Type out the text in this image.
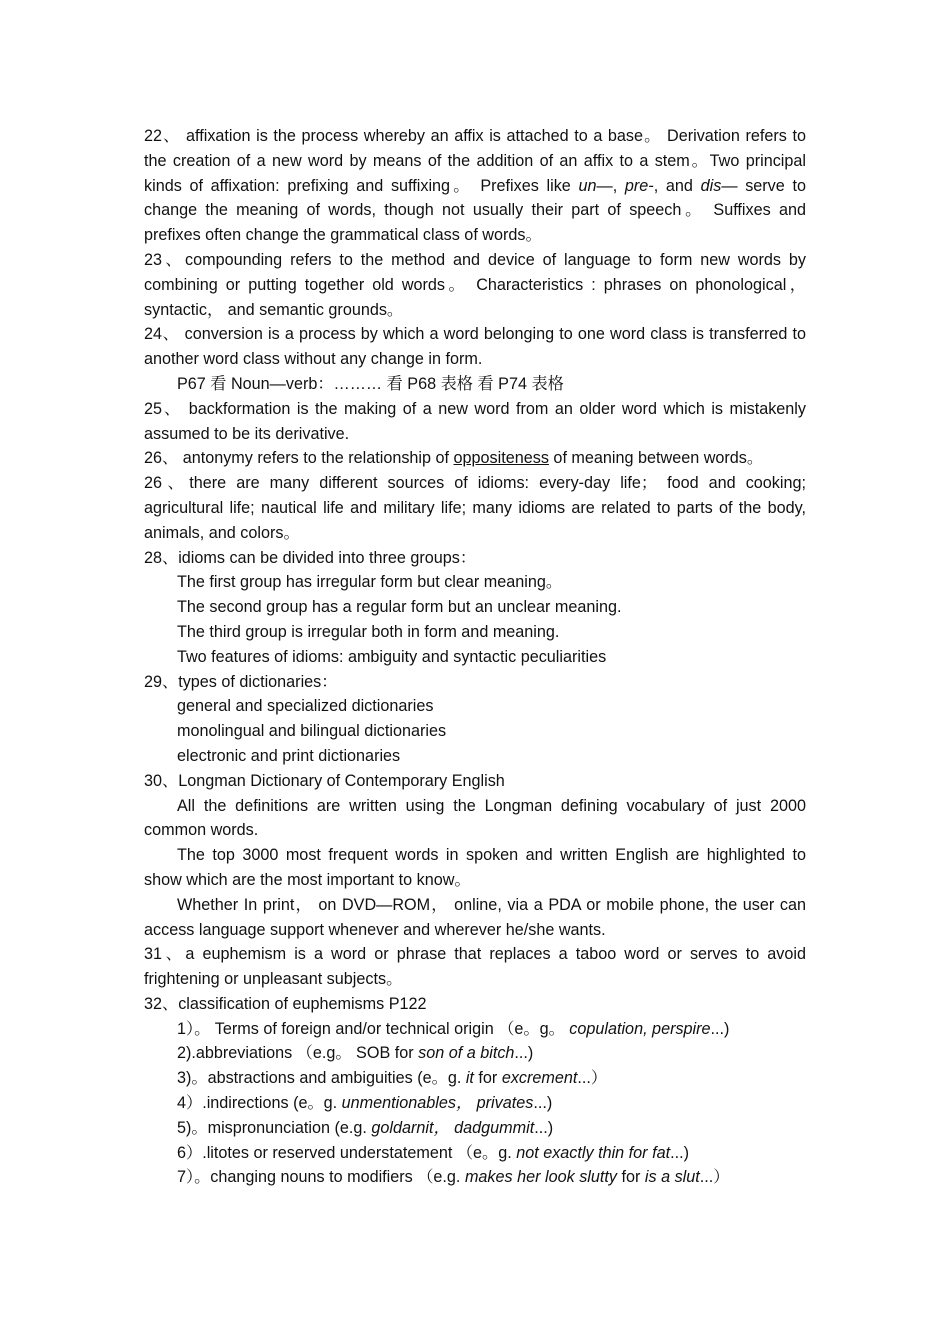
22、 affixation is the process whereby an affix is attached to a base。 Derivation refers to the creation of a new word by means of the addition of an affix to a stem。Two principal kinds of affixation: prefixing and suffixing。 Prefixes like un—, pre-, and dis— serve to change the meaning of words, though not usually their part of speech。 Suffixes and prefixes often change the grammatical class of words。

23、compounding refers to the method and device of language to form new words by combining or putting together old words。 Characteristics : phrases on phonological， syntactic， and semantic grounds。

24、 conversion is a process by which a word belonging to one word class is transferred to another word class without any change in form.

P67 看 Noun—verb：……… 看 P68 表格 看 P74 表格

25、 backformation is the making of a new word from an older word which is mistakenly assumed to be its derivative.

26、 antonymy refers to the relationship of oppositeness of meaning between words。

26、there are many different sources of idioms: every-day life； food and cooking; agricultural life; nautical life and military life; many idioms are related to parts of the body, animals, and colors。

28、idioms can be divided into three groups：

The first group has irregular form but clear meaning。

The second group has a regular form but an unclear meaning.

The third group is irregular both in form and meaning.

Two features of idioms: ambiguity and syntactic peculiarities

29、types of dictionaries：

general and specialized dictionaries

monolingual and bilingual dictionaries

electronic and print dictionaries

30、Longman Dictionary of Contemporary English

All the definitions are written using the Longman defining vocabulary of just 2000 common words.

The top 3000 most frequent words in spoken and written English are highlighted to show which are the most important to know。

Whether In print， on DVD—ROM， online, via a PDA or mobile phone, the user can access language support whenever and wherever he/she wants.

31、a euphemism is a word or phrase that replaces a taboo word or serves to avoid frightening or unpleasant subjects。

32、classification of euphemisms P122

1）。 Terms of foreign and/or technical origin （e。g。 copulation, perspire...)

2).abbreviations （e.g。 SOB for son of a bitch...)

3)。abstractions and ambiguities (e。g. it for excrement...）

4）.indirections (e。g. unmentionables， privates...)

5)。mispronunciation (e.g. goldarnit， dadgummit...)

6）.litotes or reserved understatement （e。g. not exactly thin for fat...)

7）。changing nouns to modifiers （e.g. makes her look slutty for is a slut...）
